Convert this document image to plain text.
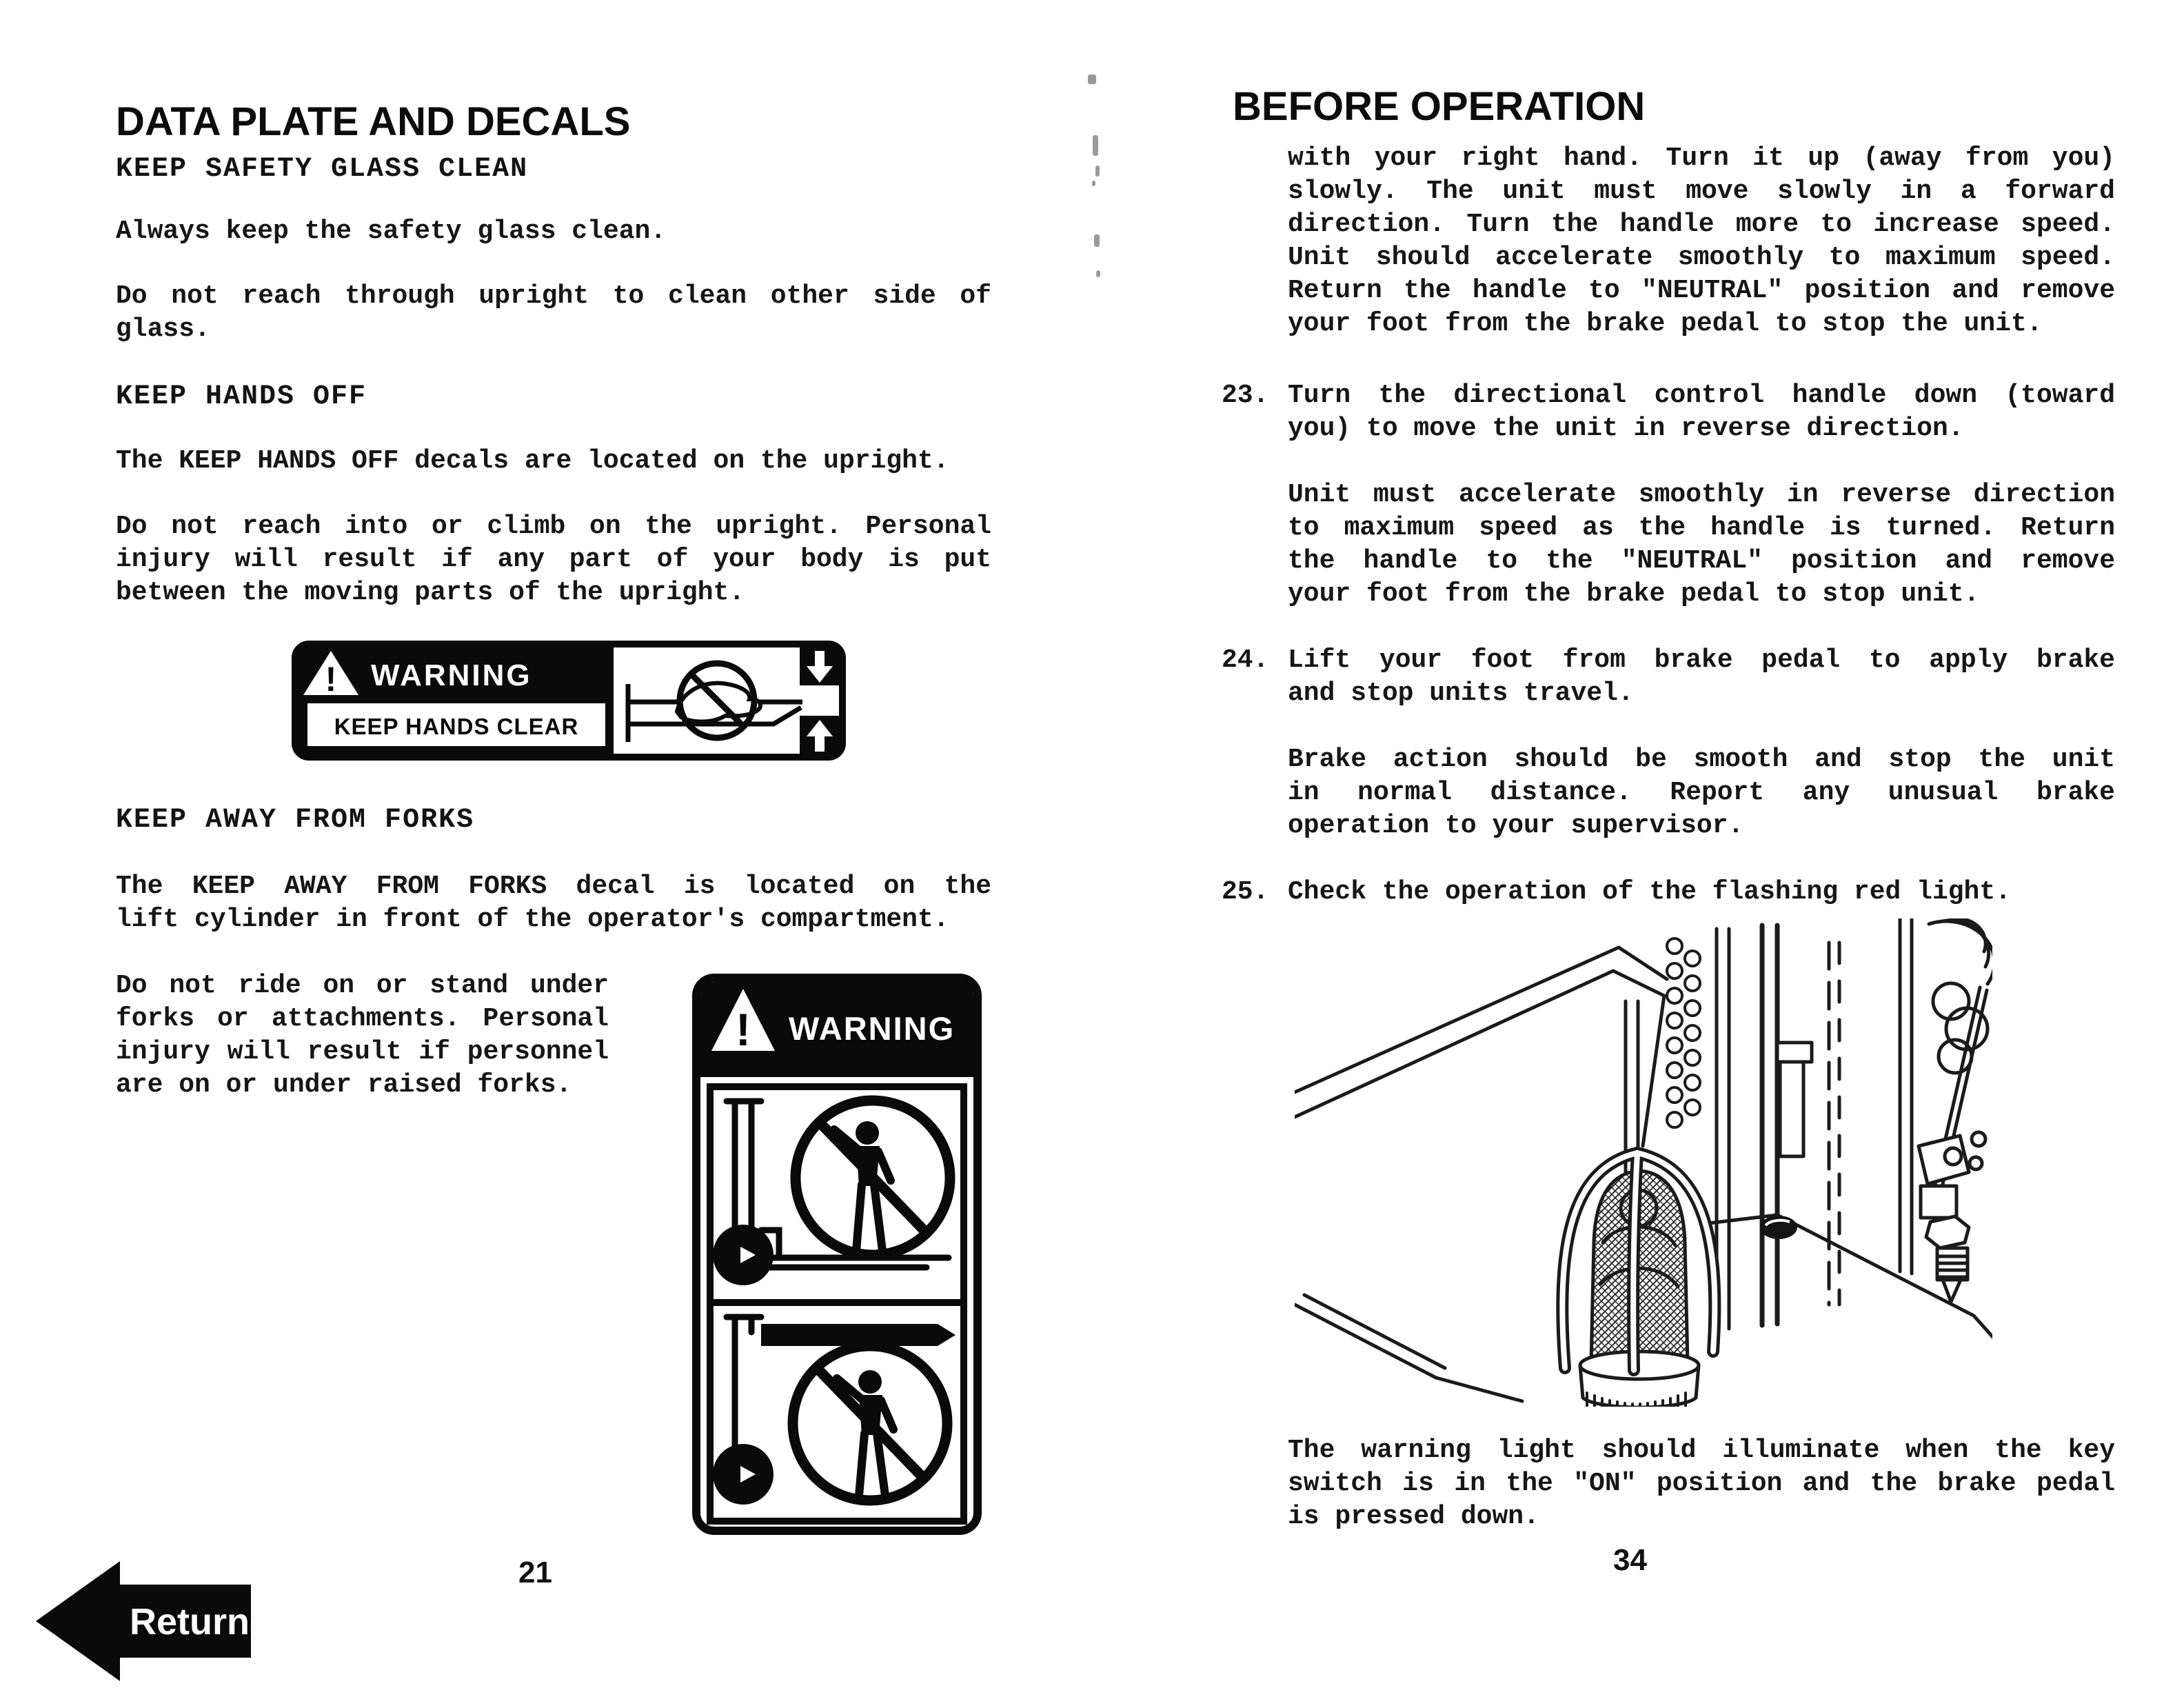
DATA PLATE AND DECALS
KEEP SAFETY GLASS CLEAN
Always keep the safety glass clean.
Do not reach through upright to clean other side of
glass.
KEEP HANDS OFF
The KEEP HANDS OFF decals are located on the upright.
Do not reach into or climb on the upright. Personal
injury will result if any part of your body is put
between the moving parts of the upright.
! WARNING
KEEP HANDS CLEAR
KEEP AWAY FROM FORKS
The KEEP AWAY FROM FORKS decal is located on the
lift cylinder in front of the operator's compartment.
Do not ride on or stand under
forks or attachments. Personal
injury will result if personnel
are on or under raised forks.
! WARNING
21
Return
BEFORE OPERATION
with your right hand. Turn it up (away from you)
slowly. The unit must move slowly in a forward
direction. Turn the handle more to increase speed.
Unit should accelerate smoothly to maximum speed.
Return the handle to "NEUTRAL" position and remove
your foot from the brake pedal to stop the unit.
23. Turn the directional control handle down (toward
you) to move the unit in reverse direction.
Unit must accelerate smoothly in reverse direction
to maximum speed as the handle is turned. Return
the handle to the "NEUTRAL" position and remove
your foot from the brake pedal to stop unit.
24. Lift your foot from brake pedal to apply brake
and stop units travel.
Brake action should be smooth and stop the unit
in normal distance. Report any unusual brake
operation to your supervisor.
25. Check the operation of the flashing red light.
The warning light should illuminate when the key
switch is in the "ON" position and the brake pedal
is pressed down.
34
